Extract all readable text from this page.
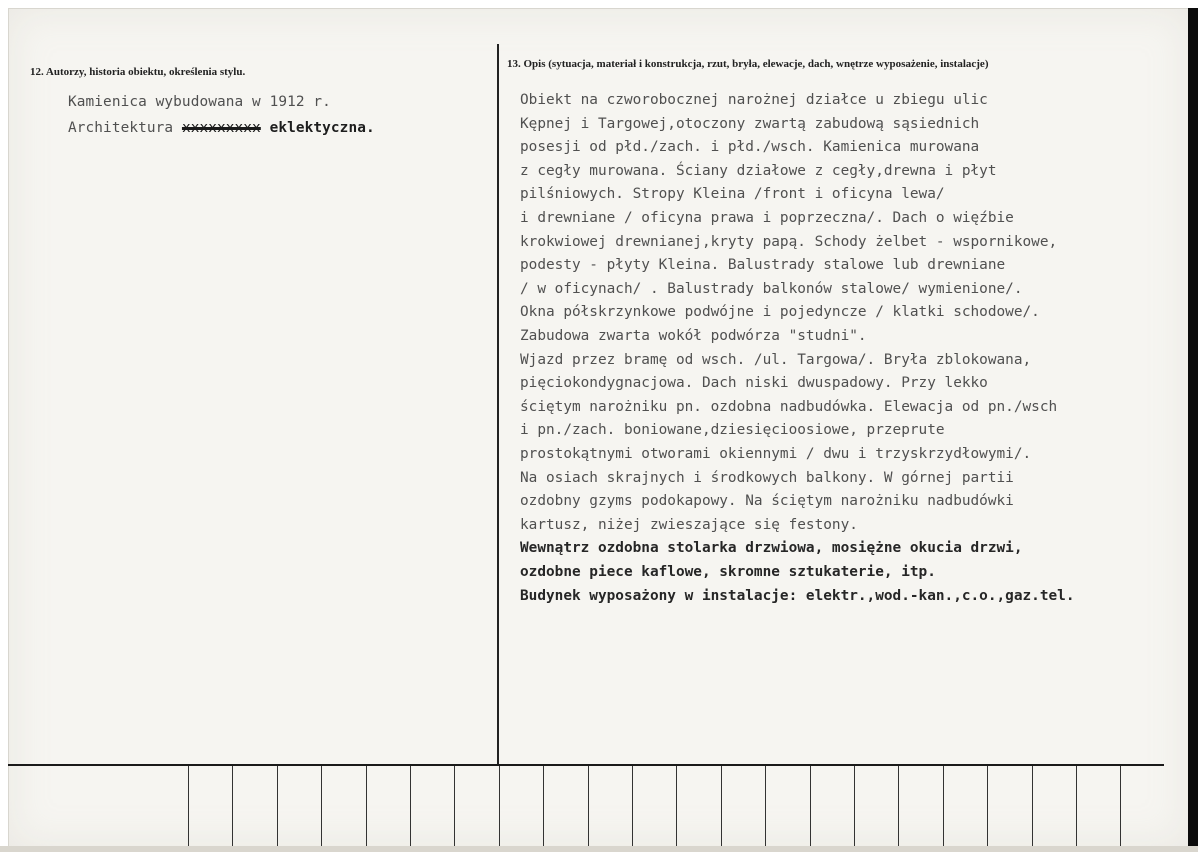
12. Autorzy, historia obiektu, określenia stylu.
Kamienica wybudowana w 1912 r.
Architektura xxxxxxxxx eklektyczna.
13. Opis (sytuacja, materiał i konstrukcja, rzut, bryła, elewacje, dach, wnętrze wyposażenie, instalacje)
Obiekt na czworobocznej narożnej działce u zbiegu ulic
Kępnej i Targowej,otoczony zwartą zabudową sąsiednich
posesji od płd./zach. i płd./wsch. Kamienica murowana
z cegły murowana. Ściany działowe z cegły,drewna i płyt
pilśniowych. Stropy Kleina /front i oficyna lewa/
i drewniane / oficyna prawa i poprzeczna/. Dach o więźbie
krokwiowej drewnianej,kryty papą. Schody żelbet - wspornikowe,
podesty - płyty Kleina. Balustrady stalowe lub drewniane
/ w oficynach/ . Balustrady balkonów stalowe/ wymienione/.
Okna półskrzynkowe podwójne i pojedyncze / klatki schodowe/.
Zabudowa zwarta wokół podwórza "studni".
Wjazd przez bramę od wsch. /ul. Targowa/. Bryła zblokowana,
pięciokondygnacjowa. Dach niski dwuspadowy. Przy lekko
ściętym narożniku pn. ozdobna nadbudówka. Elewacja od pn./wsch
i pn./zach. boniowane,dziesięcioosiowe, przeprute
prostokątnymi otworami okiennymi / dwu i trzyskrzydłowymi/.
Na osiach skrajnych i środkowych balkony. W górnej partii
ozdobny gzyms podokapowy. Na ściętym narożniku nadbudówki
kartusz, niżej zwieszające się festony.
Wewnątrz ozdobna stolarka drzwiowa, mosiężne okucia drzwi,
ozdobne piece kaflowe, skromne sztukaterie, itp.
Budynek wyposażony w instalacje: elektr.,wod.-kan.,c.o.,gaz.tel.
